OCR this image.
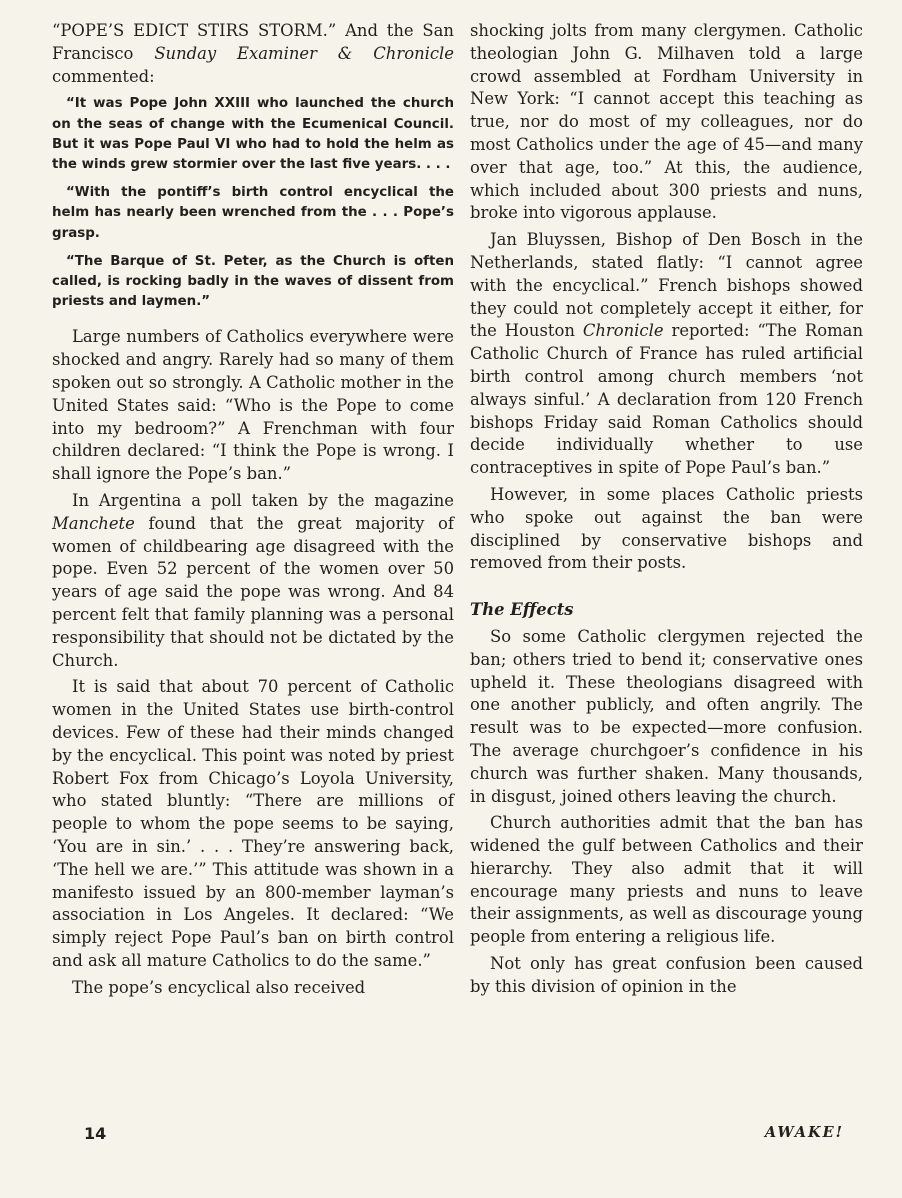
“POPE’S EDICT STIRS STORM.” And the San Francisco Sunday Examiner & Chronicle commented:

“It was Pope John XXIII who launched the church on the seas of change with the Ecumenical Council. But it was Pope Paul VI who had to hold the helm as the winds grew stormier over the last five years. . . .

“With the pontiff’s birth control encyclical the helm has nearly been wrenched from the . . . Pope’s grasp.

“The Barque of St. Peter, as the Church is often called, is rocking badly in the waves of dissent from priests and laymen.”

Large numbers of Catholics everywhere were shocked and angry. Rarely had so many of them spoken out so strongly. A Catholic mother in the United States said: “Who is the Pope to come into my bedroom?” A Frenchman with four children declared: “I think the Pope is wrong. I shall ignore the Pope’s ban.”

In Argentina a poll taken by the magazine Manchete found that the great majority of women of childbearing age disagreed with the pope. Even 52 percent of the women over 50 years of age said the pope was wrong. And 84 percent felt that family planning was a personal responsibility that should not be dictated by the Church.

It is said that about 70 percent of Catholic women in the United States use birth-control devices. Few of these had their minds changed by the encyclical. This point was noted by priest Robert Fox from Chicago’s Loyola University, who stated bluntly: “There are millions of people to whom the pope seems to be saying, ‘You are in sin.’ . . . They’re answering back, ‘The hell we are.’” This attitude was shown in a manifesto issued by an 800-member layman’s association in Los Angeles. It declared: “We simply reject Pope Paul’s ban on birth control and ask all mature Catholics to do the same.”

The pope’s encyclical also received

shocking jolts from many clergymen. Catholic theologian John G. Milhaven told a large crowd assembled at Fordham University in New York: “I cannot accept this teaching as true, nor do most of my colleagues, nor do most Catholics under the age of 45—and many over that age, too.” At this, the audience, which included about 300 priests and nuns, broke into vigorous applause.

Jan Bluyssen, Bishop of Den Bosch in the Netherlands, stated flatly: “I cannot agree with the encyclical.” French bishops showed they could not completely accept it either, for the Houston Chronicle reported: “The Roman Catholic Church of France has ruled artificial birth control among church members ‘not always sinful.’ A declaration from 120 French bishops Friday said Roman Catholics should decide individually whether to use contraceptives in spite of Pope Paul’s ban.”

However, in some places Catholic priests who spoke out against the ban were disciplined by conservative bishops and removed from their posts.

The Effects

So some Catholic clergymen rejected the ban; others tried to bend it; conservative ones upheld it. These theologians disagreed with one another publicly, and often angrily. The result was to be expected—more confusion. The average churchgoer’s confidence in his church was further shaken. Many thousands, in disgust, joined others leaving the church.

Church authorities admit that the ban has widened the gulf between Catholics and their hierarchy. They also admit that it will encourage many priests and nuns to leave their assignments, as well as discourage young people from entering a religious life.

Not only has great confusion been caused by this division of opinion in the

14	AWAKE!
